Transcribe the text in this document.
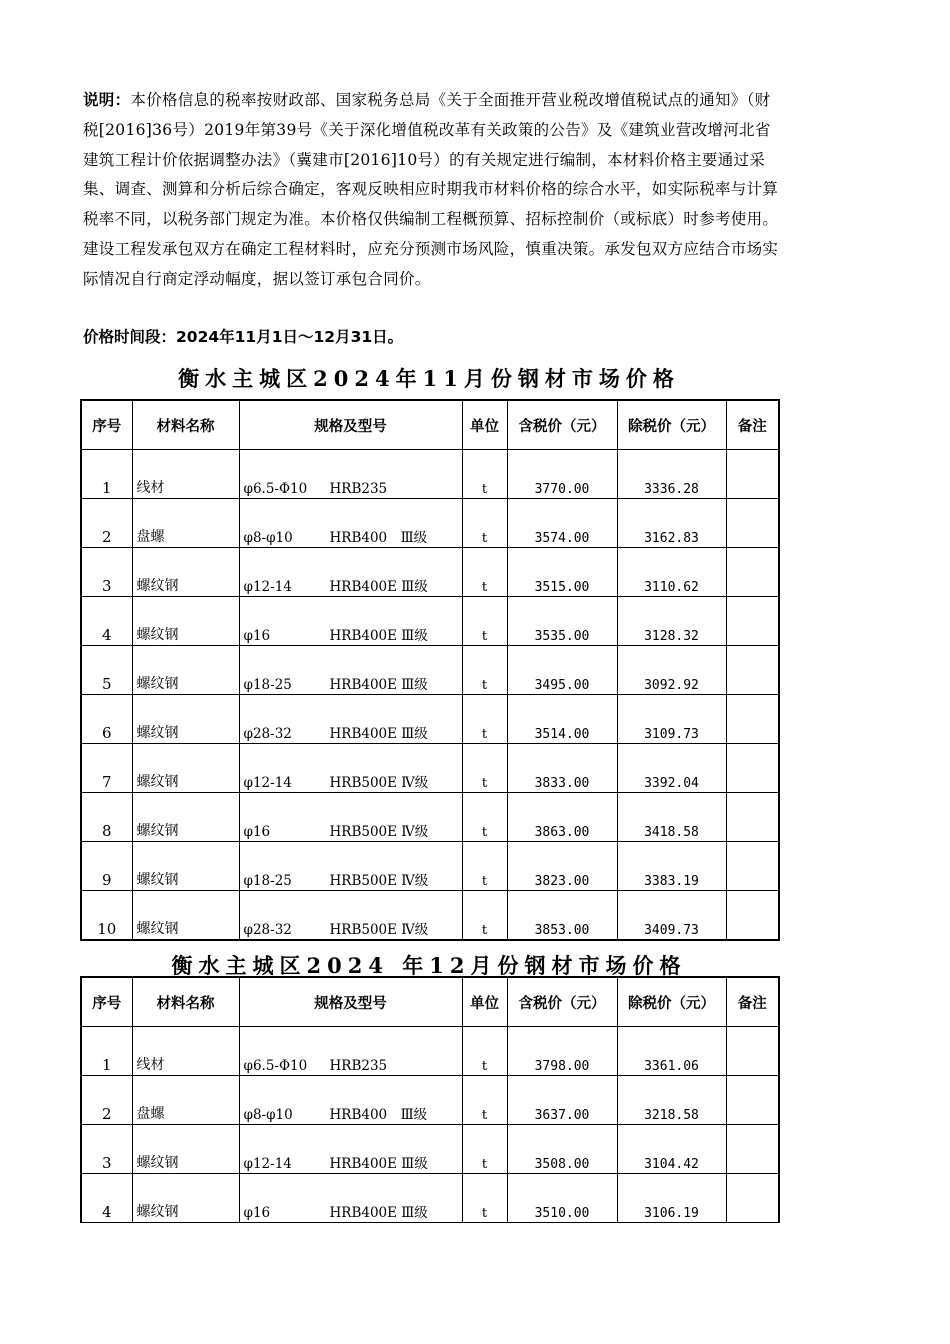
说明：本价格信息的税率按财政部、国家税务总局《关于全面推开营业税改增值税试点的通知》（财税[2016]36号）2019年第39号《关于深化增值税改革有关政策的公告》及《建筑业营改增河北省建筑工程计价依据调整办法》（冀建市[2016]10号）的有关规定进行编制，本材料价格主要通过采集、调查、测算和分析后综合确定，客观反映相应时期我市材料价格的综合水平，如实际税率与计算税率不同，以税务部门规定为准。本价格仅供编制工程概预算、招标控制价（或标底）时参考使用。建设工程发承包双方在确定工程材料时，应充分预测市场风险，慎重决策。承发包双方应结合市场实际情况自行商定浮动幅度，据以签订承包合同价。
价格时间段：2024年11月1日～12月31日。
衡水主城区2024年11月份钢材市场价格
序号	材料名称	规格及型号	单位	含税价（元）	除税价（元）	备注
1	线材	φ6.5-Φ10 HRB235	t	3770.00	3336.28	
2	盘螺	φ8-φ10 HRB400　Ⅲ级	t	3574.00	3162.83	
3	螺纹钢	φ12-14 HRB400E Ⅲ级	t	3515.00	3110.62	
4	螺纹钢	φ16 HRB400E Ⅲ级	t	3535.00	3128.32	
5	螺纹钢	φ18-25 HRB400E Ⅲ级	t	3495.00	3092.92	
6	螺纹钢	φ28-32 HRB400E Ⅲ级	t	3514.00	3109.73	
7	螺纹钢	φ12-14 HRB500E Ⅳ级	t	3833.00	3392.04	
8	螺纹钢	φ16 HRB500E Ⅳ级	t	3863.00	3418.58	
9	螺纹钢	φ18-25 HRB500E Ⅳ级	t	3823.00	3383.19	
10	螺纹钢	φ28-32 HRB500E Ⅳ级	t	3853.00	3409.73	
衡水主城区2024 年12月份钢材市场价格
序号	材料名称	规格及型号	单位	含税价（元）	除税价（元）	备注
1	线材	φ6.5-Φ10 HRB235	t	3798.00	3361.06	
2	盘螺	φ8-φ10 HRB400　Ⅲ级	t	3637.00	3218.58	
3	螺纹钢	φ12-14 HRB400E Ⅲ级	t	3508.00	3104.42	
4	螺纹钢	φ16 HRB400E Ⅲ级	t	3510.00	3106.19	
